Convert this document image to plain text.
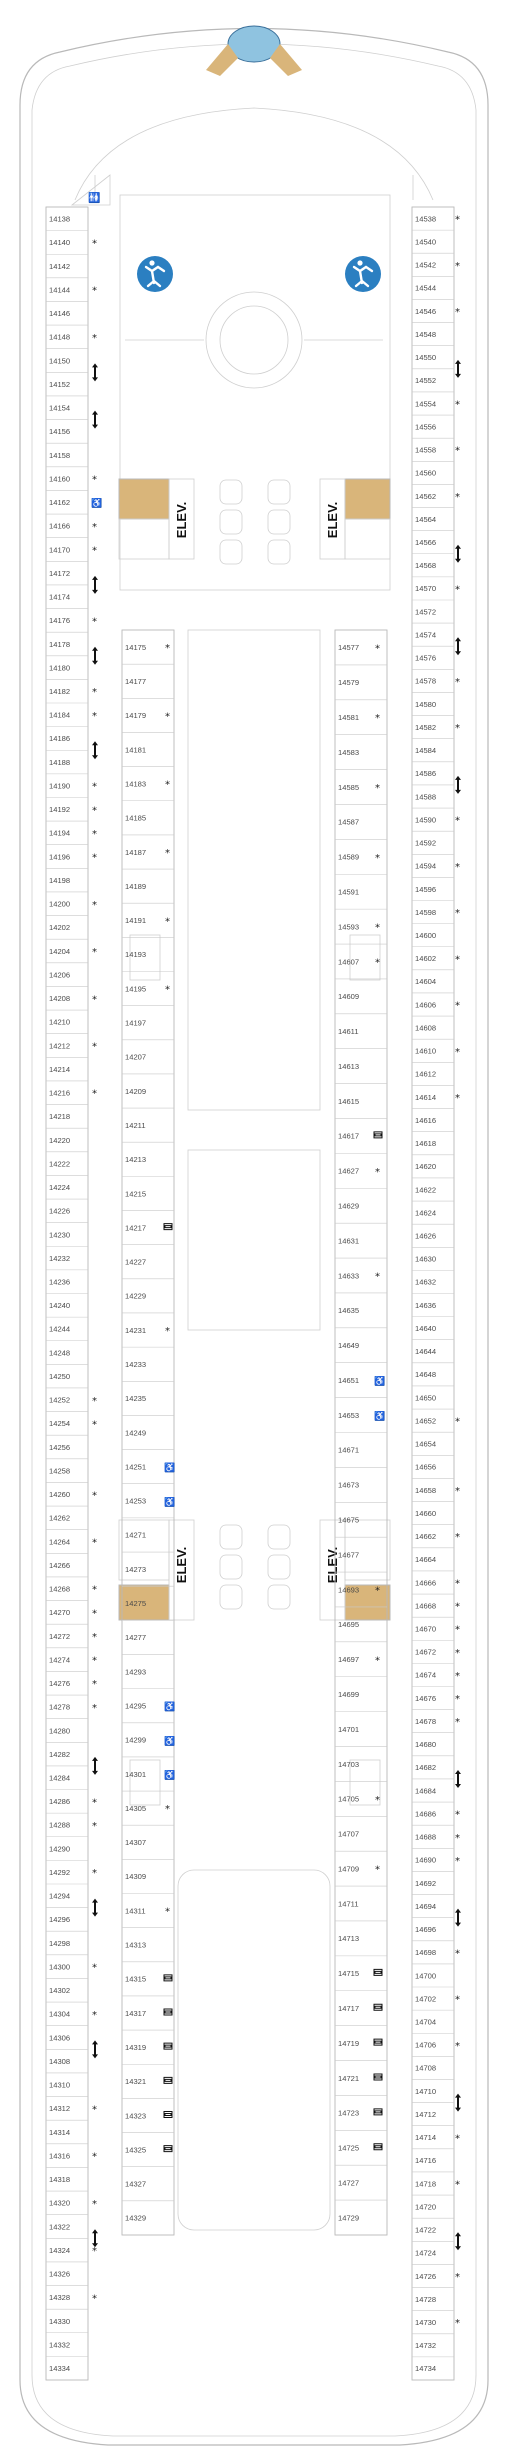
🚻
ELEV.	ELEV.
ELEV.	ELEV.
14138
14140 *
14142
14144 *
14146
14148 *
14150
14152
14154
14156
14158
14160 *
14162 ♿
14166 *
14170 *
14172
14174
14176 *
14178
14180
14182 *
14184 *
14186
14188
14190 *
14192 *
14194 *
14196 *
14198
14200 *
14202
14204 *
14206
14208 *
14210
14212 *
14214
14216 *
14218
14220
14222
14224
14226
14230
14232
14236
14240
14244
14248
14250
14252 *
14254 *
14256
14258
14260 *
14262
14264 *
14266
14268 *
14270 *
14272 *
14274 *
14276 *
14278 *
14280
14282
14284
14286 *
14288 *
14290
14292 *
14294
14296
14298
14300 *
14302
14304 *
14306
14308
14310
14312 *
14314
14316 *
14318
14320 *
14322
14324 *
14326
14328 *
14330
14332
14334
14538 *
14540
14542 *
14544
14546 *
14548
14550
14552
14554 *
14556
14558 *
14560
14562 *
14564
14566
14568
14570 *
14572
14574
14576
14578 *
14580
14582 *
14584
14586
14588
14590 *
14592
14594 *
14596
14598 *
14600
14602 *
14604
14606 *
14608
14610 *
14612
14614 *
14616
14618
14620
14622
14624
14626
14630
14632
14636
14640
14644
14648
14650
14652 *
14654
14656
14658 *
14660
14662 *
14664
14666 *
14668 *
14670 *
14672 *
14674 *
14676 *
14678 *
14680
14682
14684
14686 *
14688 *
14690 *
14692
14694
14696
14698 *
14700
14702 *
14704
14706 *
14708
14710
14712
14714 *
14716
14718 *
14720
14722
14724
14726 *
14728
14730 *
14732
14734
14175 *
14177
14179 *
14181
14183 *
14185
14187 *
14189
14191 *
14193
14195 *
14197
14207
14209
14211
14213
14215
14217
14227
14229
14231 *
14233
14235
14249
14251 ♿
14253 ♿
14271
14273
14275
14277
14293
14295 ♿
14299 ♿
14301 ♿
14305 *
14307
14309
14311 *
14313
14315
14317
14319
14321
14323
14325
14327
14329
14577 *
14579
14581 *
14583
14585 *
14587
14589 *
14591
14593 *
14607 *
14609
14611
14613
14615
14617
14627 *
14629
14631
14633 *
14635
14649
14651 ♿
14653 ♿
14671
14673
14675
14677
14693 *
14695
14697 *
14699
14701
14703
14705 *
14707
14709 *
14711
14713
14715
14717
14719
14721
14723
14725
14727
14729
